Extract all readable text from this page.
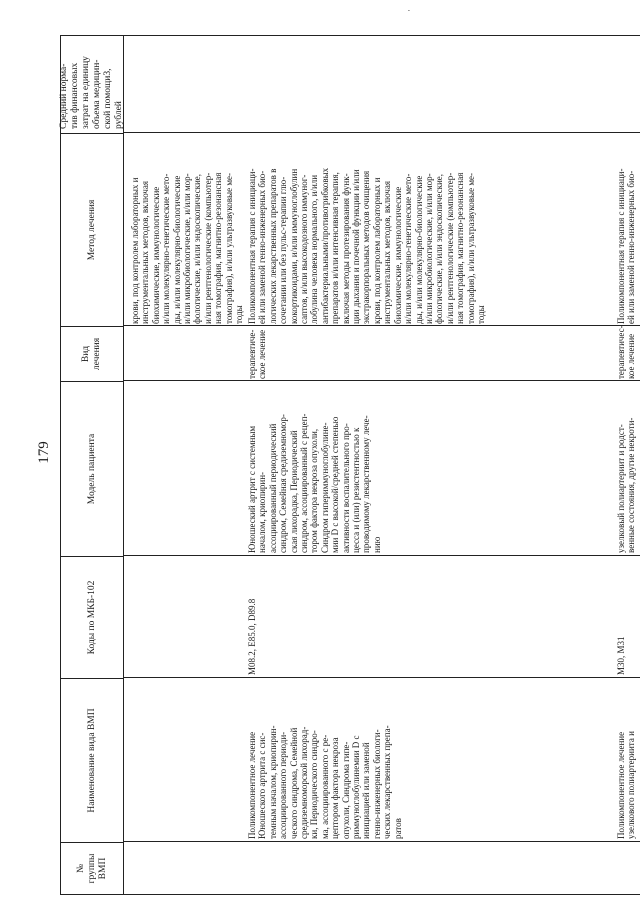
179
№
группы
ВМП
Наименование вида ВМП
Коды по МКБ-102
Модель пациента
Вид лечения
Метод лечения
Средний норма-
тив финансовых
затрат на единицу
объема медицин-
ской помощи3,
рублей
крови, под контролем лабораторных и
инструментальных методов, включая
биохимические, иммунологические
и/или молекулярно-генетические мето-
ды, и/или молекулярно-биологические
и/или микробиологические, и/или мор-
фологические, и/или эндоскопические,
и/или рентгенологические (компьютер-
ная томография, магнитно-резонансная
томография), и/или ультразвуковые ме-
тоды
Поликомпонентное лечение
Юношеского артрита с сис-
темным началом, криопирин-
ассоциированного периоди-
ческого синдрома, Семейной
средиземноморской лихорад-
ки, Периодического синдро-
ма, ассоциированного с ре-
цептором фактора некроза
опухоли, Синдрома гипе-
риммуноглобулинемии D с
инициацией или заменой
генно-инженерных биологи-
ческих лекарственных препа-
ратов
M08.2, E85.0, D89.8
Юношеский артрит с системным
началом, криопирин-
ассоциированный периодический
синдром, Семейная средиземномор-
ская лихорадка, Периодический
синдром, ассоциированный с рецеп-
тором фактора некроза опухоли,
Синдром гипериммуноглобулине-
мии D с высокой/средней степенью
активности воспалительного про-
цесса и (или) резистентностью к
проводимому лекарственному лече-
нию
терапевтиче-
ское лечение
Поликомпонентная терапия с инициаци-
ей или заменой генно-инженерных био-
логических лекарственных препаратов в
сочетании или без пульс-терапии глю-
кокортикоидами, и/или иммуноглобулин
саптов, и/или высокодозного иммуног-
лобулина человека нормального, и/или
антибактериальными/противогрибковых
препаратов и/или интенсивная терапия,
включая методы протезирования функ-
ции дыхания и почечной функции и/или
экстракорпоральных методов очищения
крови, под контролем лабораторных и
инструментальных методов, включая
биохимические, иммунологические
и/или молекулярно-генетические мето-
ды, и/или молекулярно-биологические
и/или микробиологические, и/или мор-
фологические, и/или эндоскопические,
и/или рентгенологические (компьютер-
ная томография, магнитно-резонансная
томография), и/или ультразвуковые ме-
тоды
Поликомпонентное лечение
узелкового полиартериита и
M30, M31
узелковый полиартериит и родст-
венные состояния, другие некроти-
терапевтичес-
кое лечение
Поликомпонентная терапия с инициаци-
ей или заменой генно-инженерных био-
·
